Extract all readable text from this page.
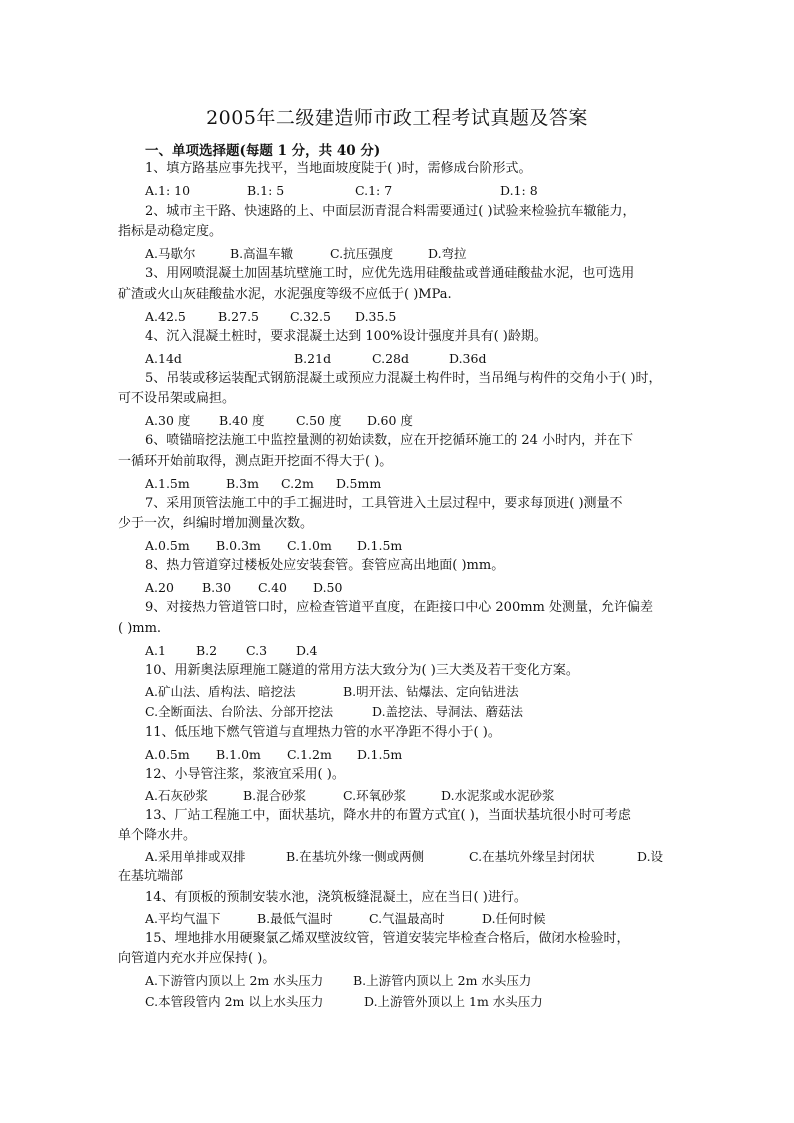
2005年二级建造师市政工程考试真题及答案
一、单项选择题(每题 1 分，共 40 分)
1、填方路基应事先找平，当地面坡度陡于( )时，需修成台阶形式。
A.1: 10	B.1: 5	C.1: 7	D.1: 8
2、城市主干路、快速路的上、中面层沥青混合料需要通过( )试验来检验抗车辙能力，
指标是动稳定度。
A.马歇尔	B.高温车辙	C.抗压强度	D.弯拉
3、用网喷混凝土加固基坑壁施工时，应优先选用硅酸盐或普通硅酸盐水泥，也可选用
矿渣或火山灰硅酸盐水泥，水泥强度等级不应低于( )MPa.
A.42.5	B.27.5 C.32.5 D.35.5
4、沉入混凝土桩时，要求混凝土达到 100%设计强度并具有( )龄期。
A.14d	B.21d	C.28d	D.36d
5、吊装或移运装配式钢筋混凝土或预应力混凝土构件时，当吊绳与构件的交角小于( )时，
可不设吊架或扁担。
A.30 度 B.40 度	C.50 度 D.60 度
6、喷锚暗挖法施工中监控量测的初始读数，应在开挖循环施工的 24 小时内，并在下
一循环开始前取得，测点距开挖面不得大于( )。
A.1.5m	B.3m C.2m D.5mm
7、采用顶管法施工中的手工掘进时，工具管进入土层过程中，要求每顶进( )测量不
少于一次，纠编时增加测量次数。
A.0.5m B.0.3m C.1.0m D.1.5m
8、热力管道穿过楼板处应安装套管。套管应高出地面( )mm。
A.20 B.30 C.40 D.50
9、对接热力管道管口时，应检查管道平直度，在距接口中心 200mm 处测量，允许偏差
( )mm.
A.1 B.2 C.3 D.4
10、用新奥法原理施工隧道的常用方法大致分为( )三大类及若干变化方案。
A.矿山法、盾构法、暗挖法	B.明开法、钻爆法、定向钻进法
C.全断面法、台阶法、分部开挖法	D.盖挖法、导洞法、蘑菇法
11、低压地下燃气管道与直埋热力管的水平净距不得小于( )。
A.0.5m B.1.0m C.1.2m D.1.5m
12、小导管注浆，浆液宜采用( )。
A.石灰砂浆	B.混合砂浆	C.环氧砂浆	D.水泥浆或水泥砂浆
13、厂站工程施工中，面状基坑，降水井的布置方式宜( )，当面状基坑很小时可考虑
单个降水井。
A.采用单排或双排	B.在基坑外缘一侧或两侧	C.在基坑外缘呈封闭状	D.设
在基坑端部
14、有顶板的预制安装水池，浇筑板缝混凝土，应在当日( )进行。
A.平均气温下	B.最低气温时	C.气温最高时	D.任何时候
15、埋地排水用硬聚氯乙烯双壁波纹管，管道安装完毕检查合格后，做闭水检验时，
向管道内充水并应保持( )。
A.下游管内顶以上 2m 水头压力 B.上游管内顶以上 2m 水头压力
C.本管段管内 2m 以上水头压力	D.上游管外顶以上 1m 水头压力
